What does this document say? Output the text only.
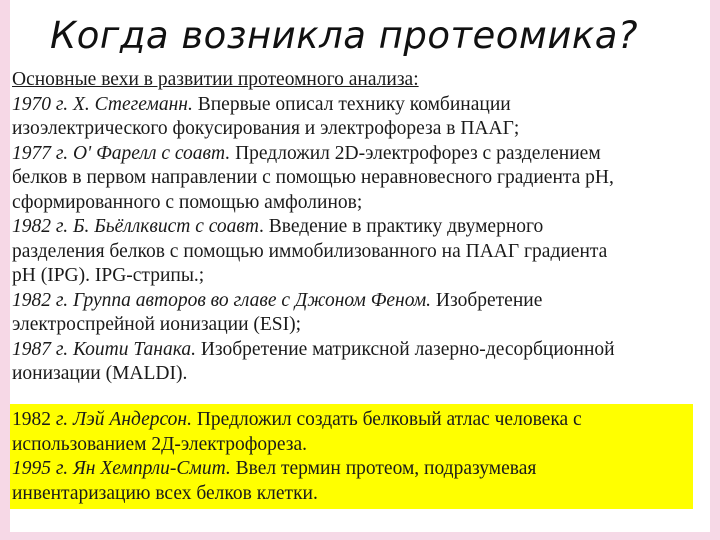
Когда возникла протеомика?
Основные вехи в развитии протеомного анализа:
1970 г. Х. Стегеманн. Впервые описал технику комбинации
изоэлектрического фокусирования и электрофореза в ПААГ;
1977 г. О' Фарелл с соавт. Предложил 2D-электрофорез с разделением
белков в первом направлении с помощью неравновесного градиента pH,
сформированного с помощью амфолинов;
1982 г. Б. Бьёллквист с соавт. Введение в практику двумерного
разделения белков с помощью иммобилизованного на ПААГ градиента
pH (IPG). IPG-стрипы.;
1982 г. Группа авторов во главе с Джоном Феном. Изобретение
электроспрейной ионизации (ESI);
1987 г. Коити Танака. Изобретение матриксной лазерно-десорбционной
ионизации (MALDI).
1982 г. Лэй Андерсон. Предложил создать белковый атлас человека с
использованием 2Д-электрофореза.
1995 г. Ян Хемпрли-Смит. Ввел термин протеом, подразумевая
инвентаризацию всех белков клетки.
